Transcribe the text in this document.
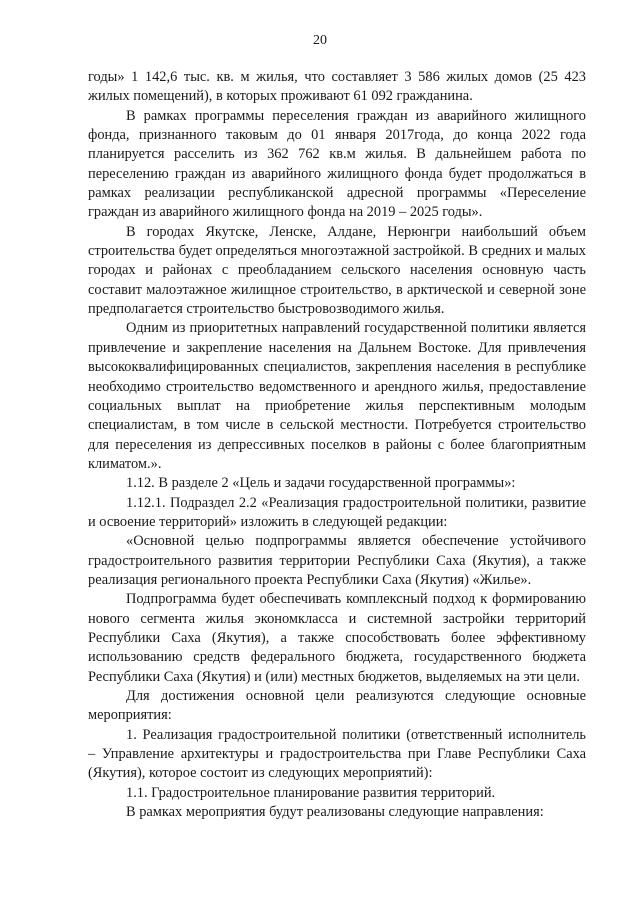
20

годы» 1 142,6 тыс. кв. м жилья, что составляет 3 586 жилых домов (25 423 жилых помещений), в которых проживают 61 092 гражданина.

В рамках программы переселения граждан из аварийного жилищного фонда, признанного таковым до 01 января 2017года, до конца 2022 года планируется расселить из 362 762 кв.м жилья. В дальнейшем работа по переселению граждан из аварийного жилищного фонда будет продолжаться в рамках реализации республиканской адресной программы «Переселение граждан из аварийного жилищного фонда на 2019 – 2025 годы».

В городах Якутске, Ленске, Алдане, Нерюнгри наибольший объем строительства будет определяться многоэтажной застройкой. В средних и малых городах и районах с преобладанием сельского населения основную часть составит малоэтажное жилищное строительство, в арктической и северной зоне предполагается строительство быстровозводимого жилья.

Одним из приоритетных направлений государственной политики является привлечение и закрепление населения на Дальнем Востоке. Для привлечения высококвалифицированных специалистов, закрепления населения в республике необходимо строительство ведомственного и арендного жилья, предоставление социальных выплат на приобретение жилья перспективным молодым специалистам, в том числе в сельской местности. Потребуется строительство для переселения из депрессивных поселков в районы с более благоприятным климатом.».

1.12. В разделе 2 «Цель и задачи государственной программы»:

1.12.1. Подраздел 2.2 «Реализация градостроительной политики, развитие и освоение территорий» изложить в следующей редакции:

«Основной целью подпрограммы является обеспечение устойчивого градостроительного развития территории Республики Саха (Якутия), а также реализация регионального проекта Республики Саха (Якутия) «Жилье».

Подпрограмма будет обеспечивать комплексный подход к формированию нового сегмента жилья экономкласса и системной застройки территорий Республики Саха (Якутия), а также способствовать более эффективному использованию средств федерального бюджета, государственного бюджета Республики Саха (Якутия) и (или) местных бюджетов, выделяемых на эти цели.

Для достижения основной цели реализуются следующие основные мероприятия:

1. Реализация градостроительной политики (ответственный исполнитель – Управление архитектуры и градостроительства при Главе Республики Саха (Якутия), которое состоит из следующих мероприятий):

1.1. Градостроительное планирование развития территорий.

В рамках мероприятия будут реализованы следующие направления:
